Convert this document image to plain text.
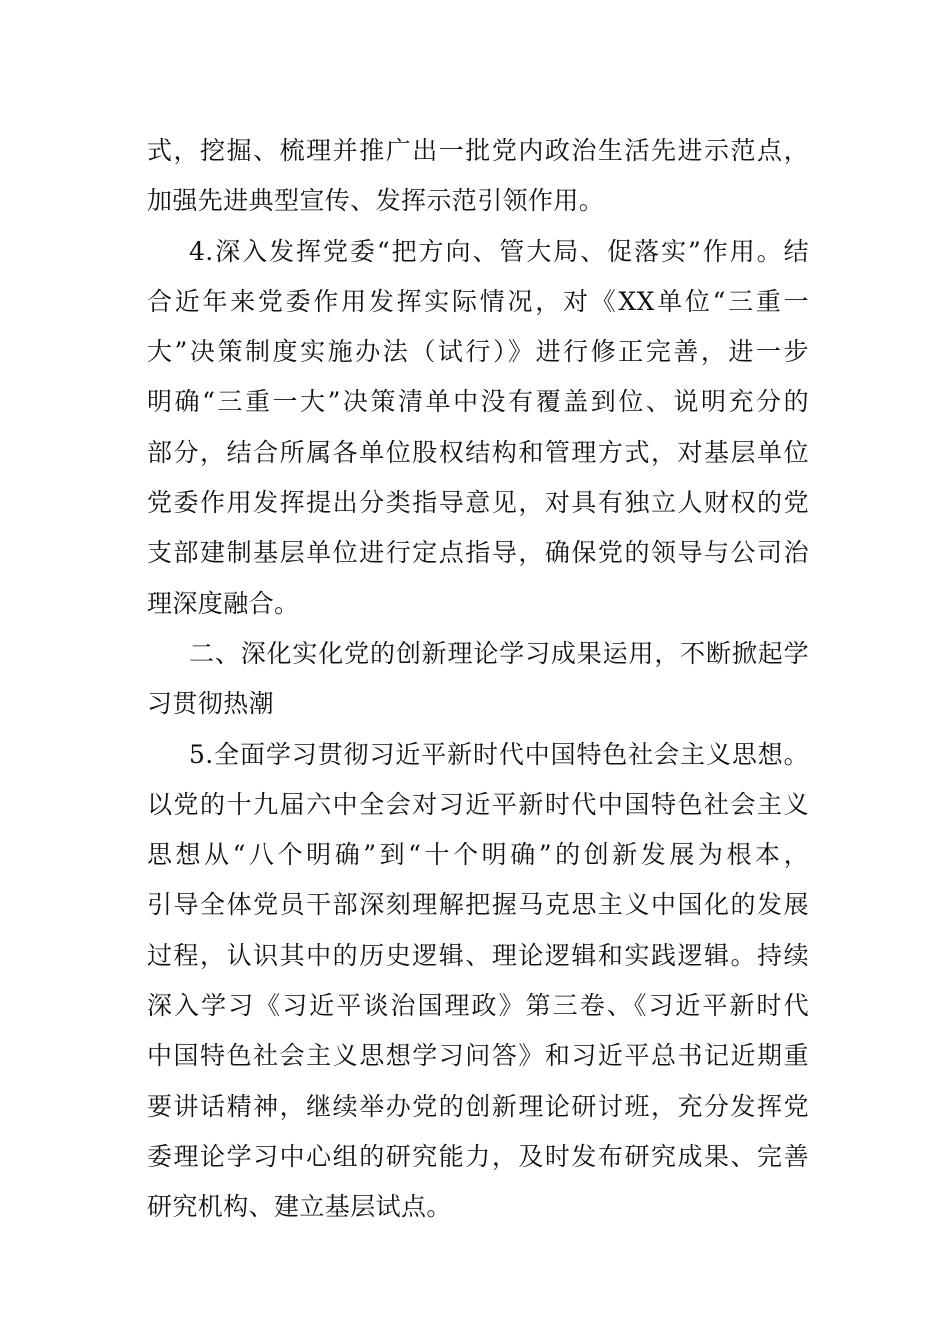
式，挖掘、梳理并推广出一批党内政治生活先进示范点，
加强先进典型宣传、发挥示范引领作用。
4.深入发挥党委“把方向、管大局、促落实”作用。结
合近年来党委作用发挥实际情况，对《XX单位“三重一
大”决策制度实施办法（试行）》进行修正完善，进一步
明确“三重一大”决策清单中没有覆盖到位、说明充分的
部分，结合所属各单位股权结构和管理方式，对基层单位
党委作用发挥提出分类指导意见，对具有独立人财权的党
支部建制基层单位进行定点指导，确保党的领导与公司治
理深度融合。
二、深化实化党的创新理论学习成果运用，不断掀起学
习贯彻热潮
5.全面学习贯彻习近平新时代中国特色社会主义思想。
以党的十九届六中全会对习近平新时代中国特色社会主义
思想从“八个明确”到“十个明确”的创新发展为根本，
引导全体党员干部深刻理解把握马克思主义中国化的发展
过程，认识其中的历史逻辑、理论逻辑和实践逻辑。持续
深入学习《习近平谈治国理政》第三卷、《习近平新时代
中国特色社会主义思想学习问答》和习近平总书记近期重
要讲话精神，继续举办党的创新理论研讨班，充分发挥党
委理论学习中心组的研究能力，及时发布研究成果、完善
研究机构、建立基层试点。
